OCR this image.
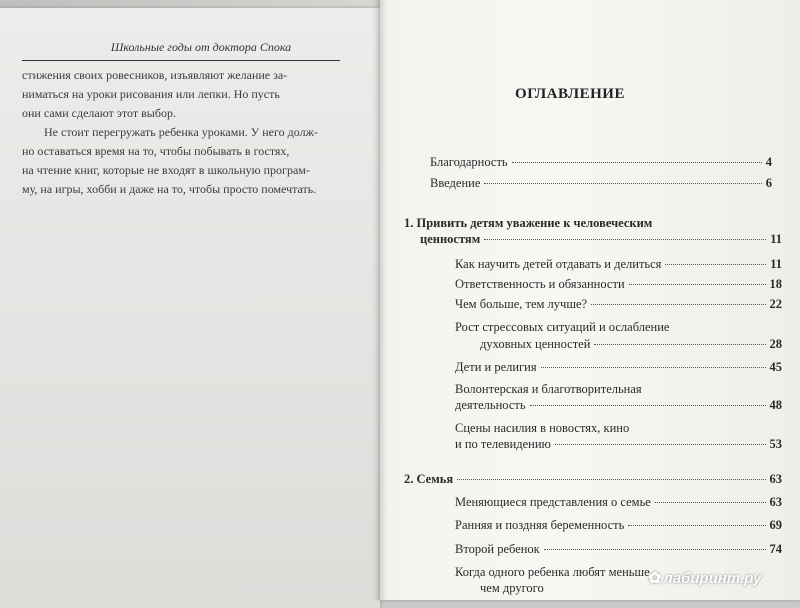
Школьные годы от доктора Спока

стижения своих ровесников, изъявляют желание за-

ниматься на уроки рисования или лепки. Но пусть

они сами сделают этот выбор.

Не стоит перегружать ребенка уроками. У него долж-

но оставаться время на то, чтобы побывать в гостях,

на чтение книг, которые не входят в школьную програм-

му, на игры, хобби и даже на то, чтобы просто помечтать.

ОГЛАВЛЕНИЕ
Благодарность	4
Введение	6
1. Привить детям уважение к человеческим
ценностям	11
Как научить детей отдавать и делиться	11
Ответственность и обязанности	18
Чем больше, тем лучше?	22
Рост стрессовых ситуаций и ослабление
духовных ценностей	28
Дети и религия	45
Волонтерская и благотворительная
деятельность	48
Сцены насилия в новостях, кино
и по телевидению	53
2. Семья	63
Меняющиеся представления о семье	63
Ранняя и поздняя беременность	69
Второй ребенок	74
Когда одного ребенка любят меньше,
чем другого
✿ лабиринт.ру
